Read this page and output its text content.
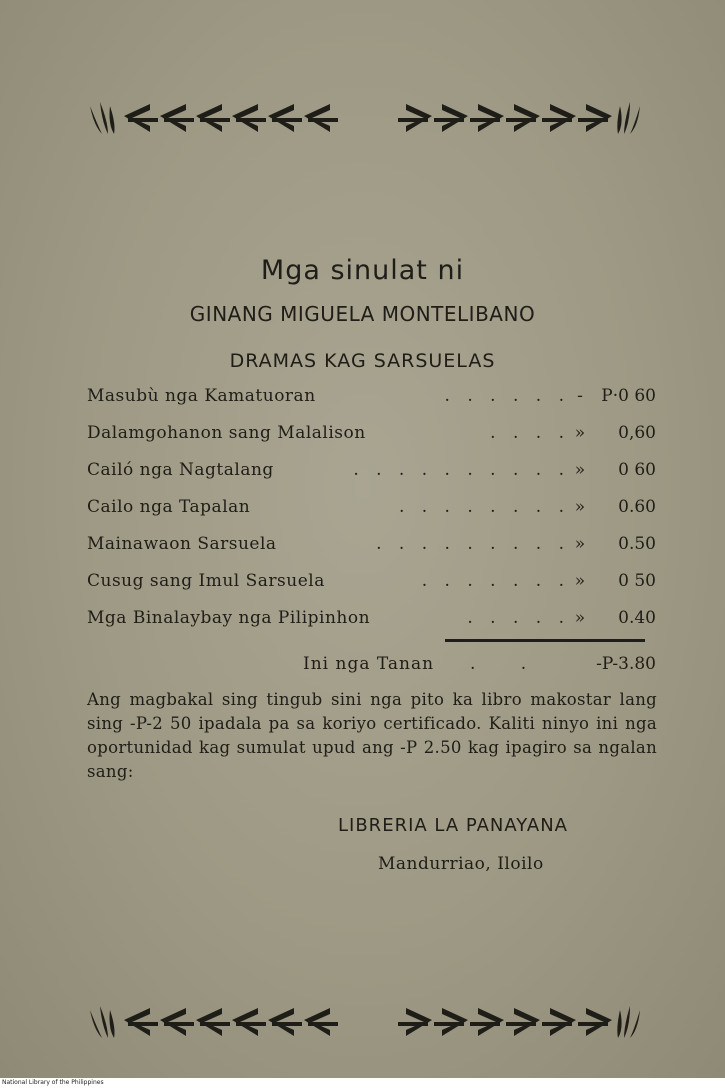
Mga sinulat ni
GINANG MIGUELA MONTELIBANO
DRAMAS KAG SARSUELAS
Masubù nga Kamatuoran	. . . . . . -	P·0 60
Dalamgohanon sang Malalison	. . . . »	0,60
Cailó nga Nagtalang	. . . . . . . . . . »	0 60
Cailo nga Tapalan	. . . . . . . . »	0.60
Mainawaon Sarsuela	. . . . . . . . . »	0.50
Cusug sang Imul Sarsuela	. . . . . . . »	0 50
Mga Binalaybay nga Pilipinhon	. . . . . »	0.40
Ini nga Tanan . .	-P-3.80
Ang magbakal sing tingub sini nga pito ka libro makostar lang sing -P-2 50 ipadala pa sa koriyo certificado. Kaliti ninyo ini nga oportunidad kag sumulat upud ang -P 2.50 kag ipagiro sa ngalan sang:
LIBRERIA LA PANAYANA
Mandurriao, Iloilo
National Library of the Philippines
